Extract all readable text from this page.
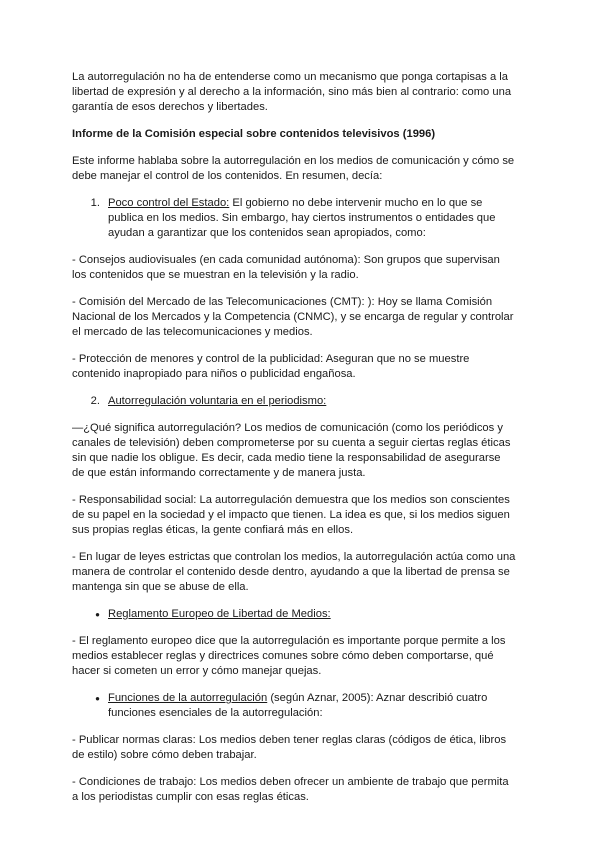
La autorregulación no ha de entenderse como un mecanismo que ponga cortapisas a la libertad de expresión y al derecho a la información, sino más bien al contrario: como una garantía de esos derechos y libertades.

Informe de la Comisión especial sobre contenidos televisivos (1996)

Este informe hablaba sobre la autorregulación en los medios de comunicación y cómo se debe manejar el control de los contenidos. En resumen, decía:

1. Poco control del Estado: El gobierno no debe intervenir mucho en lo que se publica en los medios. Sin embargo, hay ciertos instrumentos o entidades que ayudan a garantizar que los contenidos sean apropiados, como:

- Consejos audiovisuales (en cada comunidad autónoma): Son grupos que supervisan los contenidos que se muestran en la televisión y la radio.

- Comisión del Mercado de las Telecomunicaciones (CMT): ): Hoy se llama Comisión Nacional de los Mercados y la Competencia (CNMC), y se encarga de regular y controlar el mercado de las telecomunicaciones y medios.

- Protección de menores y control de la publicidad: Aseguran que no se muestre contenido inapropiado para niños o publicidad engañosa.

2. Autorregulación voluntaria en el periodismo:

—¿Qué significa autorregulación? Los medios de comunicación (como los periódicos y canales de televisión) deben comprometerse por su cuenta a seguir ciertas reglas éticas sin que nadie los obligue. Es decir, cada medio tiene la responsabilidad de asegurarse de que están informando correctamente y de manera justa.

- Responsabilidad social: La autorregulación demuestra que los medios son conscientes de su papel en la sociedad y el impacto que tienen. La idea es que, si los medios siguen sus propias reglas éticas, la gente confiará más en ellos.

- En lugar de leyes estrictas que controlan los medios, la autorregulación actúa como una manera de controlar el contenido desde dentro, ayudando a que la libertad de prensa se mantenga sin que se abuse de ella.

● Reglamento Europeo de Libertad de Medios:

- El reglamento europeo dice que la autorregulación es importante porque permite a los medios establecer reglas y directrices comunes sobre cómo deben comportarse, qué hacer si cometen un error y cómo manejar quejas.

● Funciones de la autorregulación (según Aznar, 2005): Aznar describió cuatro funciones esenciales de la autorregulación:

- Publicar normas claras: Los medios deben tener reglas claras (códigos de ética, libros de estilo) sobre cómo deben trabajar.

- Condiciones de trabajo: Los medios deben ofrecer un ambiente de trabajo que permita a los periodistas cumplir con esas reglas éticas.
